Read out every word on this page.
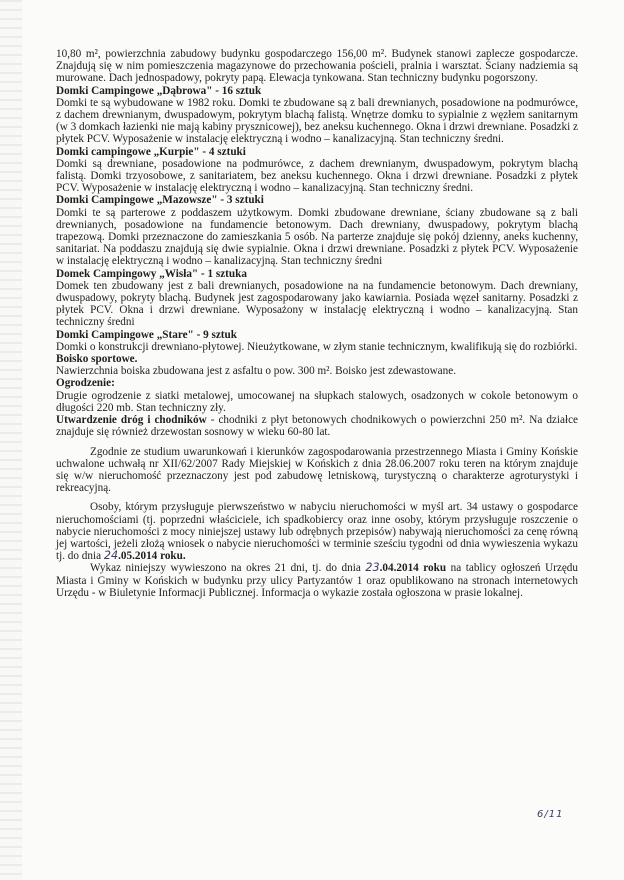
10,80 m², powierzchnia zabudowy budynku gospodarczego 156,00 m². Budynek stanowi zaplecze gospodarcze. Znajdują się w nim pomieszczenia magazynowe do przechowania pościeli, pralnia i warsztat. Ściany nadziemia są murowane. Dach jednospadowy, pokryty papą. Elewacja tynkowana. Stan techniczny budynku pogorszony.

Domki Campingowe „Dąbrowa" - 16 sztuk

Domki te są wybudowane w 1982 roku. Domki te zbudowane są z bali drewnianych, posadowione na podmurówce, z dachem drewnianym, dwuspadowym, pokrytym blachą falistą. Wnętrze domku to sypialnie z węzłem sanitarnym (w 3 domkach łazienki nie mają kabiny prysznicowej), bez aneksu kuchennego. Okna i drzwi drewniane. Posadzki z płytek PCV. Wyposażenie w instalację elektryczną i wodno – kanalizacyjną. Stan techniczny średni.

Domki campingowe „Kurpie" - 4 sztuki

Domki są drewniane, posadowione na podmurówce, z dachem drewnianym, dwuspadowym, pokrytym blachą falistą. Domki trzyosobowe, z sanitariatem, bez aneksu kuchennego. Okna i drzwi drewniane. Posadzki z płytek PCV. Wyposażenie w instalację elektryczną i wodno – kanalizacyjną. Stan techniczny średni.

Domki Campingowe „Mazowsze" - 3 sztuki

Domki te są parterowe z poddaszem użytkowym. Domki zbudowane drewniane, ściany zbudowane są z bali drewnianych, posadowione na fundamencie betonowym. Dach drewniany, dwuspadowy, pokrytym blachą trapezową. Domki przeznaczone do zamieszkania 5 osób. Na parterze znajduje się pokój dzienny, aneks kuchenny, sanitariat. Na poddaszu znajdują się dwie sypialnie. Okna i drzwi drewniane. Posadzki z płytek PCV. Wyposażenie w instalację elektryczną i wodno – kanalizacyjną. Stan techniczny średni

Domek Campingowy „Wisła" - 1 sztuka

Domek ten zbudowany jest z bali drewnianych, posadowione na na fundamencie betonowym. Dach drewniany, dwuspadowy, pokryty blachą. Budynek jest zagospodarowany jako kawiarnia. Posiada węzeł sanitarny. Posadzki z płytek PCV. Okna i drzwi drewniane. Wyposażony w instalację elektryczną i wodno – kanalizacyjną. Stan techniczny średni

Domki Campingowe „Stare" - 9 sztuk

Domki o konstrukcji drewniano-płytowej. Nieużytkowane, w złym stanie technicznym, kwalifikują się do rozbiórki.

Boisko sportowe.

Nawierzchnia boiska zbudowana jest z asfaltu o pow. 300 m². Boisko jest zdewastowane.

Ogrodzenie:

Drugie ogrodzenie z siatki metalowej, umocowanej na słupkach stalowych, osadzonych w cokole betonowym o długości 220 mb. Stan techniczny zły.

Utwardzenie dróg i chodników - chodniki z płyt betonowych chodnikowych o powierzchni 250 m². Na działce znajduje się również drzewostan sosnowy w wieku 60-80 lat.

Zgodnie ze studium uwarunkowań i kierunków zagospodarowania przestrzennego Miasta i Gminy Końskie uchwalone uchwałą nr XII/62/2007 Rady Miejskiej w Końskich z dnia 28.06.2007 roku teren na którym znajduje się w/w nieruchomość przeznaczony jest pod zabudowę letniskową, turystyczną o charakterze agroturystyki i rekreacyjną.

Osoby, którym przysługuje pierwszeństwo w nabyciu nieruchomości w myśl art. 34 ustawy o gospodarce nieruchomościami (tj. poprzedni właściciele, ich spadkobiercy oraz inne osoby, którym przysługuje roszczenie o nabycie nieruchomości z mocy niniejszej ustawy lub odrębnych przepisów) nabywają nieruchomości za cenę równą jej wartości, jeżeli złożą wniosek o nabycie nieruchomości w terminie sześciu tygodni od dnia wywieszenia wykazu tj. do dnia 24.05.2014 roku.

Wykaz niniejszy wywieszono na okres 21 dni, tj. do dnia 23.04.2014 roku na tablicy ogłoszeń Urzędu Miasta i Gminy w Końskich w budynku przy ulicy Partyzantów 1 oraz opublikowano na stronach internetowych Urzędu - w Biuletynie Informacji Publicznej. Informacja o wykazie została ogłoszona w prasie lokalnej.

6/11
